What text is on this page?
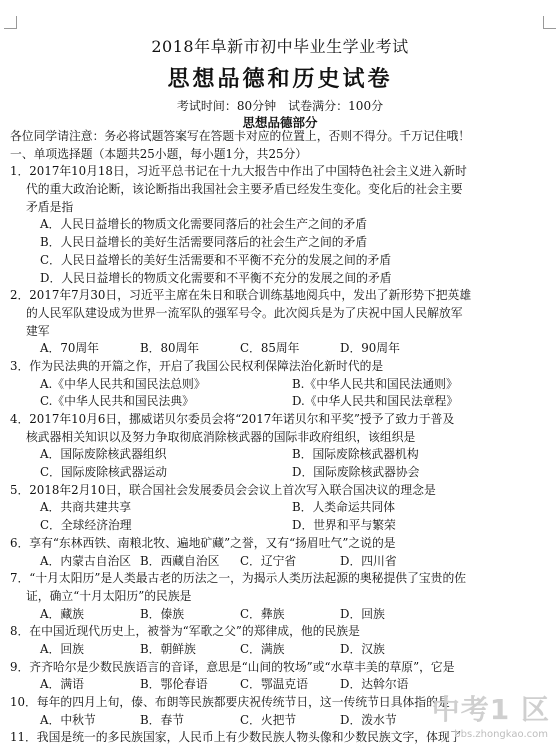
2018年阜新市初中毕业生学业考试
思想品德和历史试卷
考试时间：80分钟　试卷满分：100分
思想品德部分
各位同学请注意：务必将试题答案写在答题卡对应的位置上，否则不得分。千万记住哦！
一、单项选择题（本题共25小题，每小题1分，共25分）
1．2017年10月18日，习近平总书记在十九大报告中作出了中国特色社会主义进入新时
代的重大政治论断，该论断指出我国社会主要矛盾已经发生变化。变化后的社会主要
矛盾是指
A．人民日益增长的物质文化需要同落后的社会生产之间的矛盾
B．人民日益增长的美好生活需要同落后的社会生产之间的矛盾
C．人民日益增长的美好生活需要和不平衡不充分的发展之间的矛盾
D．人民日益增长的物质文化需要和不平衡不充分的发展之间的矛盾
2．2017年7月30日，习近平主席在朱日和联合训练基地阅兵中，发出了新形势下把英雄
的人民军队建设成为世界一流军队的强军号令。此次阅兵是为了庆祝中国人民解放军
建军
A．70周年	B．80周年	C．85周年	D．90周年
3．作为民法典的开篇之作，开启了我国公民权利保障法治化新时代的是
A.《中华人民共和国民法总则》	B.《中华人民共和国民法通则》
C.《中华人民共和国民法典》	D.《中华人民共和国民法章程》
4．2017年10月6日，挪威诺贝尔委员会将“2017年诺贝尔和平奖”授予了致力于普及
核武器相关知识以及努力争取彻底消除核武器的国际非政府组织，该组织是
A．国际废除核武器组织	B．国际废除核武器机构
C．国际废除核武器运动	D．国际废除核武器协会
5．2018年2月10日，联合国社会发展委员会会议上首次写入联合国决议的理念是
A．共商共建共享	B．人类命运共同体
C．全球经济治理	D．世界和平与繁荣
6．享有“东林西铁、南粮北牧、遍地矿藏”之誉，又有“扬眉吐气”之说的是
A．内蒙古自治区 B．西藏自治区	C．辽宁省	D．四川省
7．“十月太阳历”是人类最古老的历法之一，为揭示人类历法起源的奥秘提供了宝贵的佐
证，确立“十月太阳历”的民族是
A．藏族	B．傣族	C．彝族	D．回族
8．在中国近现代历史上，被誉为“军歌之父”的郑律成，他的民族是
A．回族	B．朝鲜族	C．满族	D．汉族
9．齐齐哈尔是少数民族语言的音译，意思是“山间的牧场”或“水草丰美的草原”，它是
A．满语	B．鄂伦春语	C．鄂温克语	D．达斡尔语
10．每年的四月上旬，傣、布朗等民族都要庆祝传统节日，这一传统节日具体指的是
A．中秋节	B．春节	C．火把节	D．泼水节
11．我国是统一的多民族国家，人民币上有少数民族人物头像和少数民族文字，体现了
中考1 区
bbs.zhongkao.com
